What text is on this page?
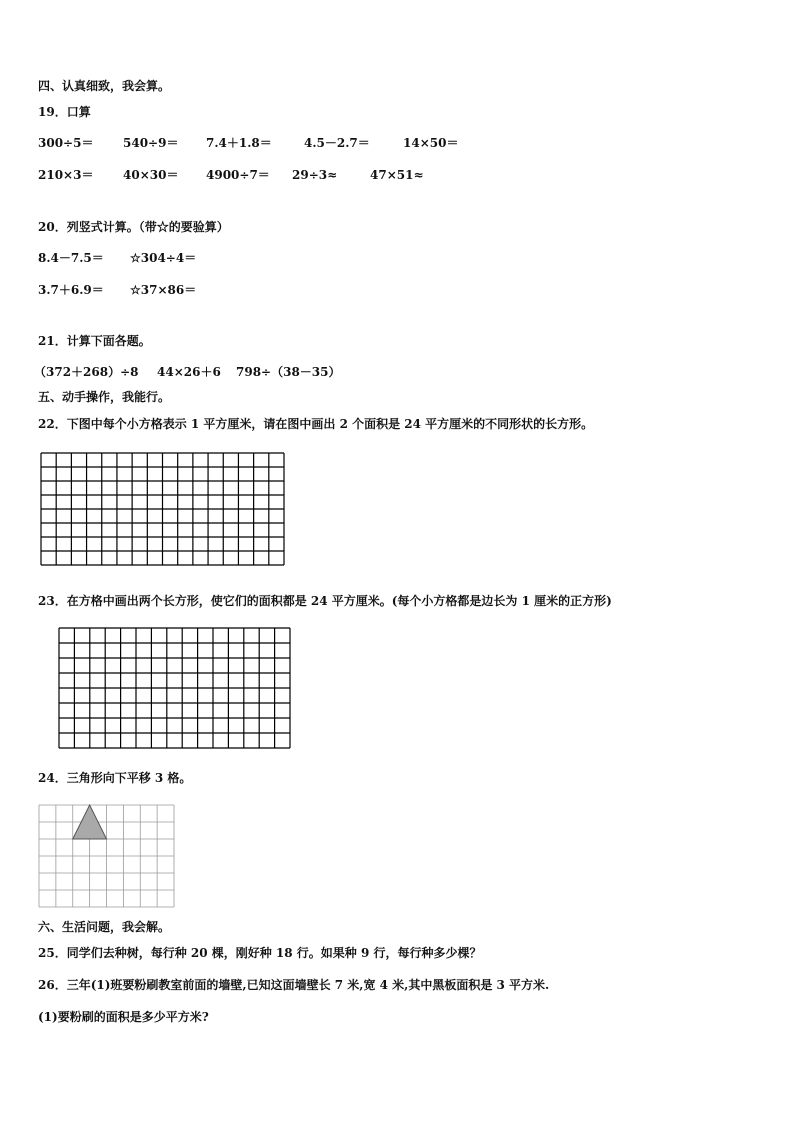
四、认真细致，我会算。
19．口算
300÷5＝ 540÷9＝ 7.4＋1.8＝	4.5－2.7＝	14×50＝
210×3＝ 40×30＝ 4900÷7＝ 29÷3≈	47×51≈
20．列竖式计算。（带☆的要验算）
8.4－7.5＝ ☆304÷4＝
3.7＋6.9＝ ☆37×86＝
21．计算下面各题。
（372＋268）÷8 44×26＋6 798÷（38－35）
五、动手操作，我能行。
22．下图中每个小方格表示 1 平方厘米，请在图中画出 2 个面积是 24 平方厘米的不同形状的长方形。
23．在方格中画出两个长方形，使它们的面积都是 24 平方厘米。(每个小方格都是边长为 1 厘米的正方形)
24．三角形向下平移 3 格。
六、生活问题，我会解。
25．同学们去种树，每行种 20 棵，刚好种 18 行。如果种 9 行，每行种多少棵？
26．三年(1)班要粉刷教室前面的墙壁,已知这面墙壁长 7 米,宽 4 米,其中黑板面积是 3 平方米.
(1)要粉刷的面积是多少平方米?
